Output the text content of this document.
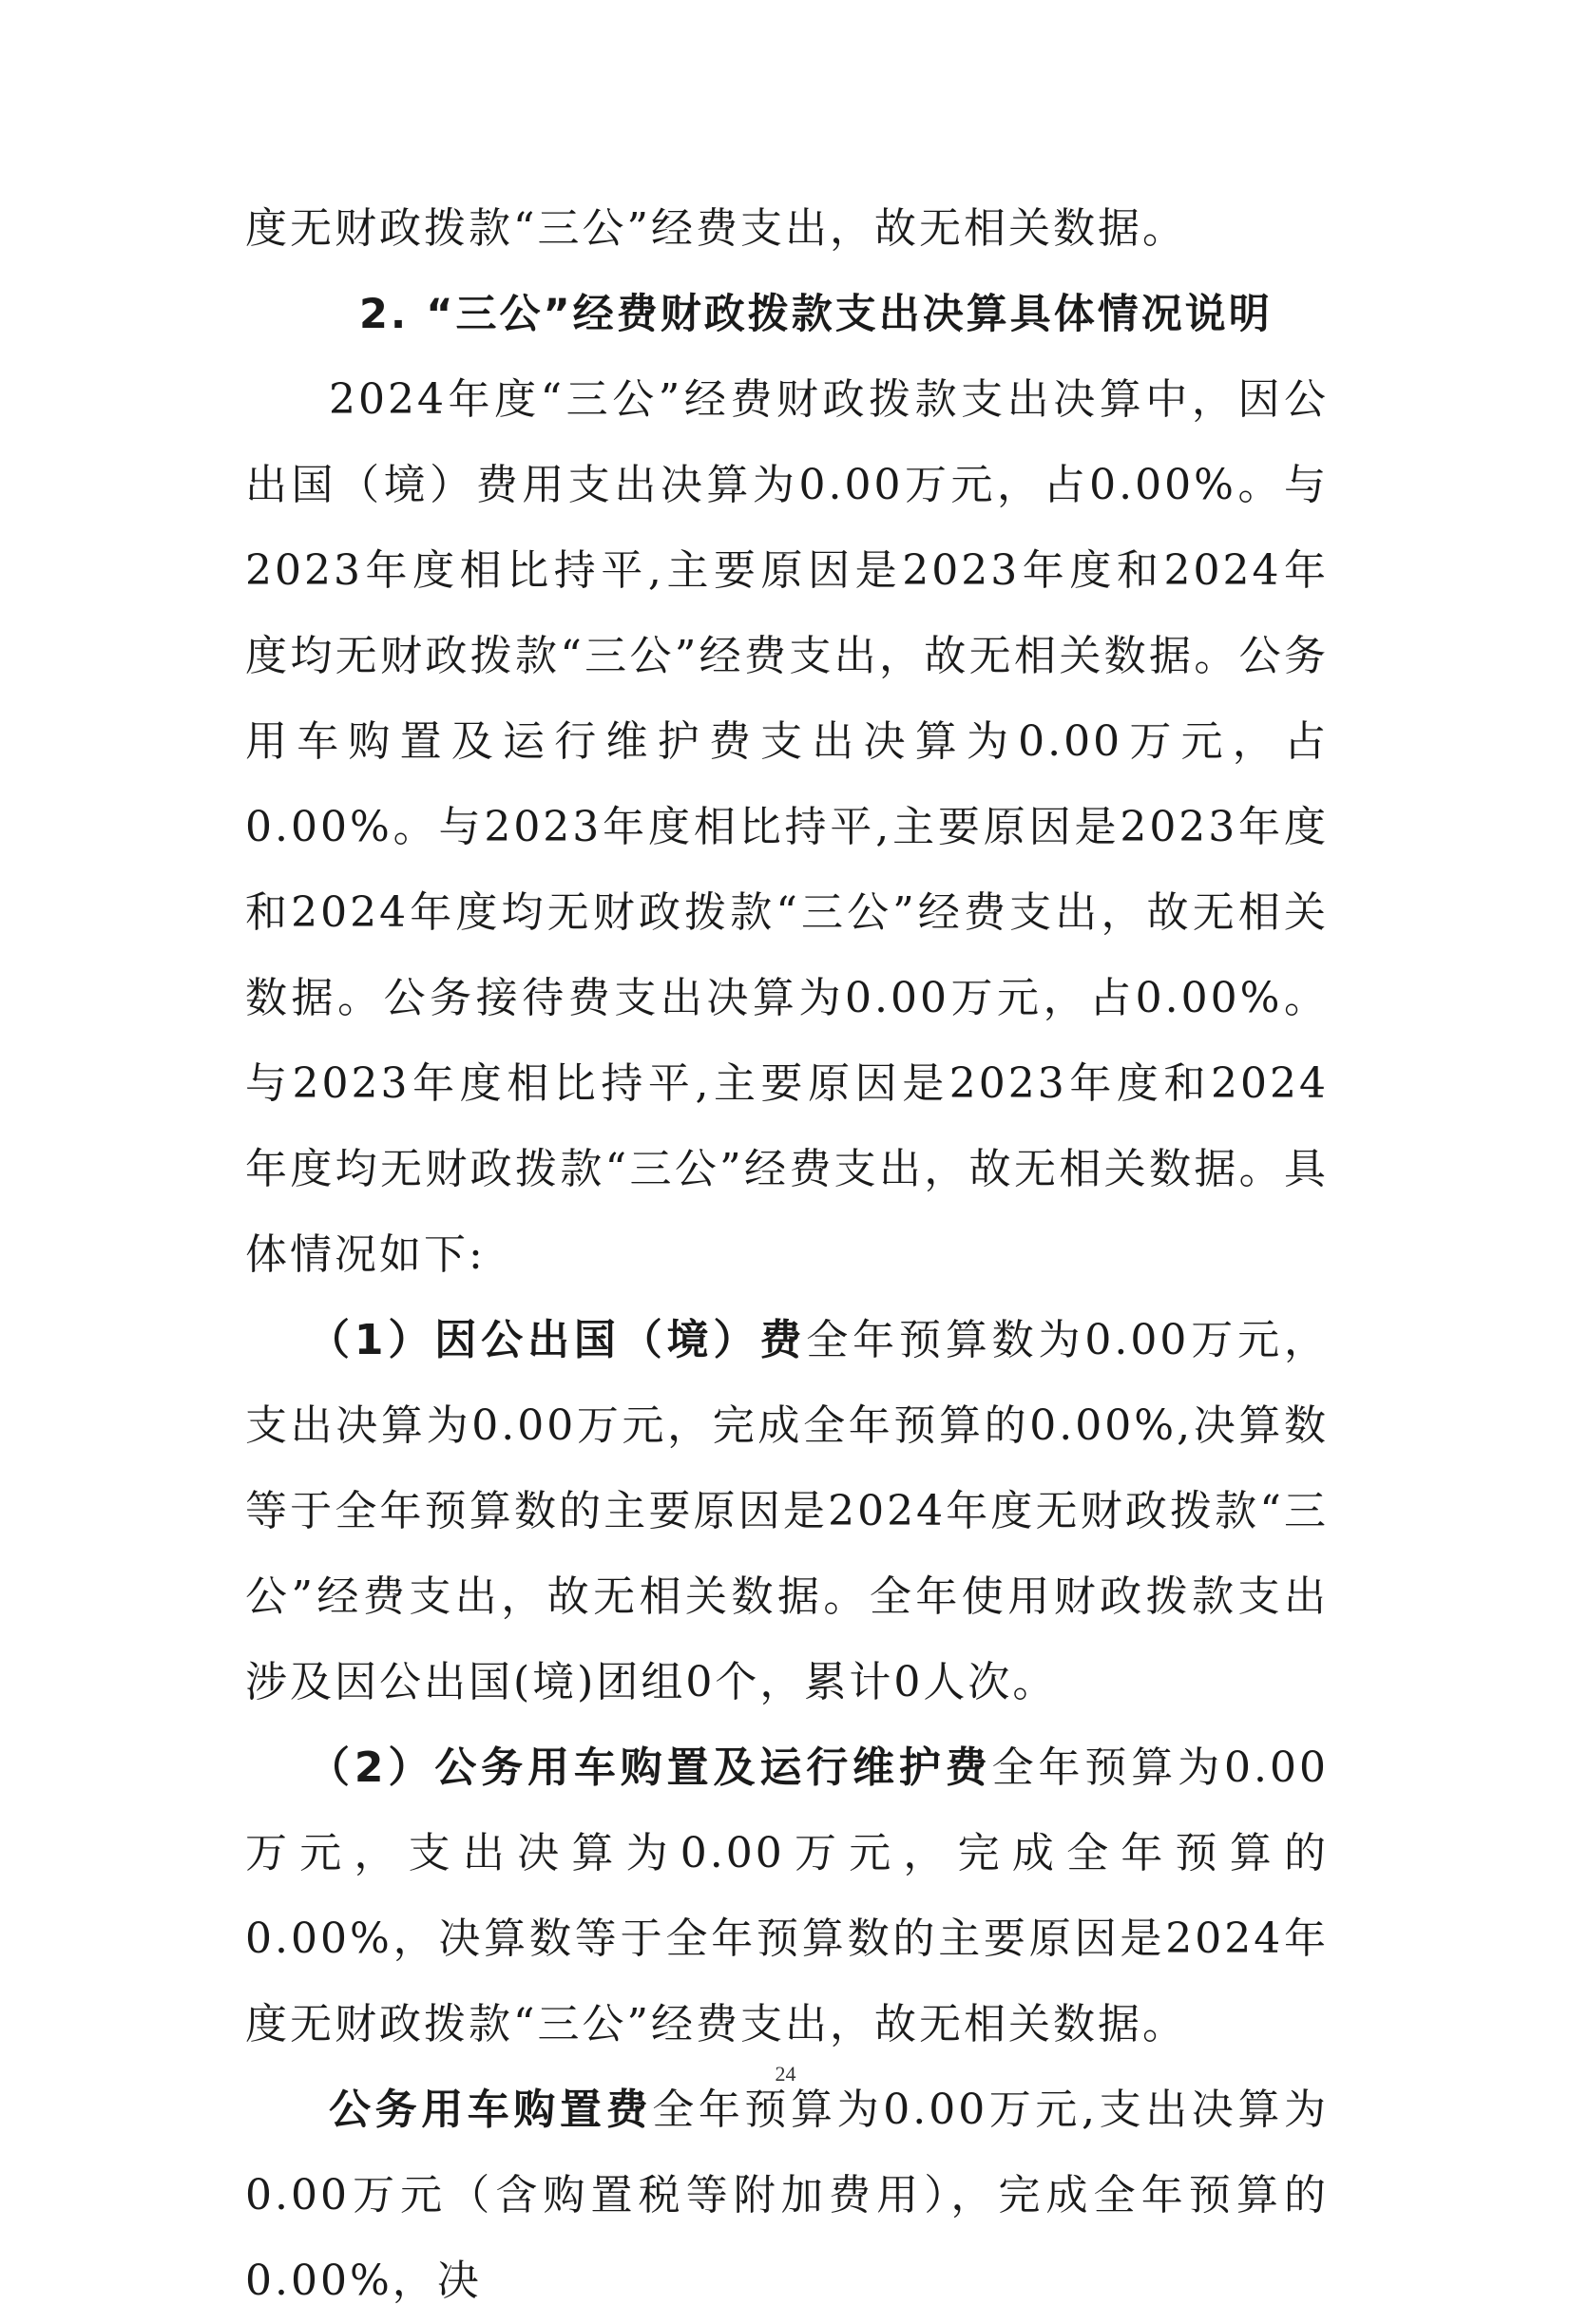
度无财政拨款“三公”经费支出，故无相关数据。

2. “三公”经费财政拨款支出决算具体情况说明

2024年度“三公”经费财政拨款支出决算中，因公出国（境）费用支出决算为0.00万元，占0.00%。与2023年度相比持平,主要原因是2023年度和2024年度均无财政拨款“三公”经费支出，故无相关数据。公务用车购置及运行维护费支出决算为0.00万元，占0.00%。与2023年度相比持平,主要原因是2023年度和2024年度均无财政拨款“三公”经费支出，故无相关数据。公务接待费支出决算为0.00万元，占0.00%。与2023年度相比持平,主要原因是2023年度和2024年度均无财政拨款“三公”经费支出，故无相关数据。具体情况如下:

（1）因公出国（境）费全年预算数为0.00万元，支出决算为0.00万元，完成全年预算的0.00%,决算数等于全年预算数的主要原因是2024年度无财政拨款“三公”经费支出，故无相关数据。全年使用财政拨款支出涉及因公出国(境)团组0个，累计0人次。

（2）公务用车购置及运行维护费全年预算为0.00万元，支出决算为0.00万元，完成全年预算的0.00%，决算数等于全年预算数的主要原因是2024年度无财政拨款“三公”经费支出，故无相关数据。

公务用车购置费全年预算为0.00万元,支出决算为0.00万元（含购置税等附加费用），完成全年预算的0.00%，决

24
